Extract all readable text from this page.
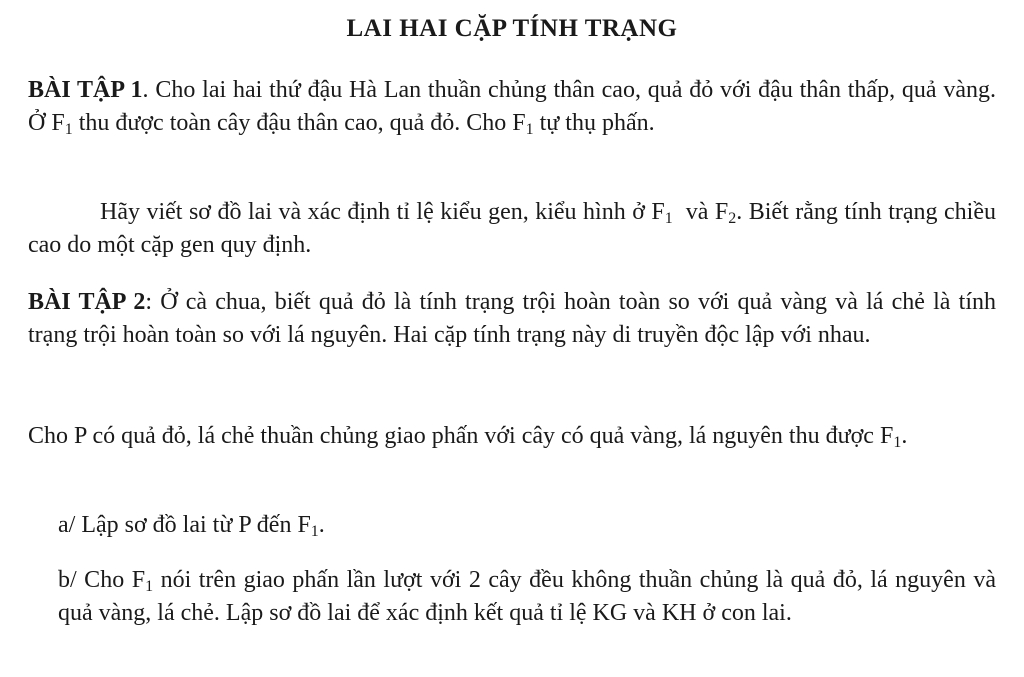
LAI HAI CẶP TÍNH TRẠNG
BÀI TẬP 1. Cho lai hai thứ đậu Hà Lan thuần chủng thân cao, quả đỏ với đậu thân thấp, quả vàng. Ở $F_1$ thu được toàn cây đậu thân cao, quả đỏ. Cho $F_1$ tự thụ phấn.
Hãy viết sơ đồ lai và xác định tỉ lệ kiểu gen, kiểu hình ở $F_1$  và $F_2$. Biết rằng tính trạng chiều cao do một cặp gen quy định.
BÀI TẬP 2: Ở cà chua, biết quả đỏ là tính trạng trội hoàn toàn so với quả vàng và lá chẻ là tính trạng trội hoàn toàn so với lá nguyên. Hai cặp tính trạng này di truyền độc lập với nhau.
Cho P có quả đỏ, lá chẻ thuần chủng giao phấn với cây có quả vàng, lá nguyên thu được $F_1$.
a/ Lập sơ đồ lai từ P đến $F_1$.
b/ Cho $F_1$ nói trên giao phấn lần lượt với 2 cây đều không thuần chủng là quả đỏ, lá nguyên và quả vàng, lá chẻ. Lập sơ đồ lai để xác định kết quả tỉ lệ KG và KH ở con lai.
